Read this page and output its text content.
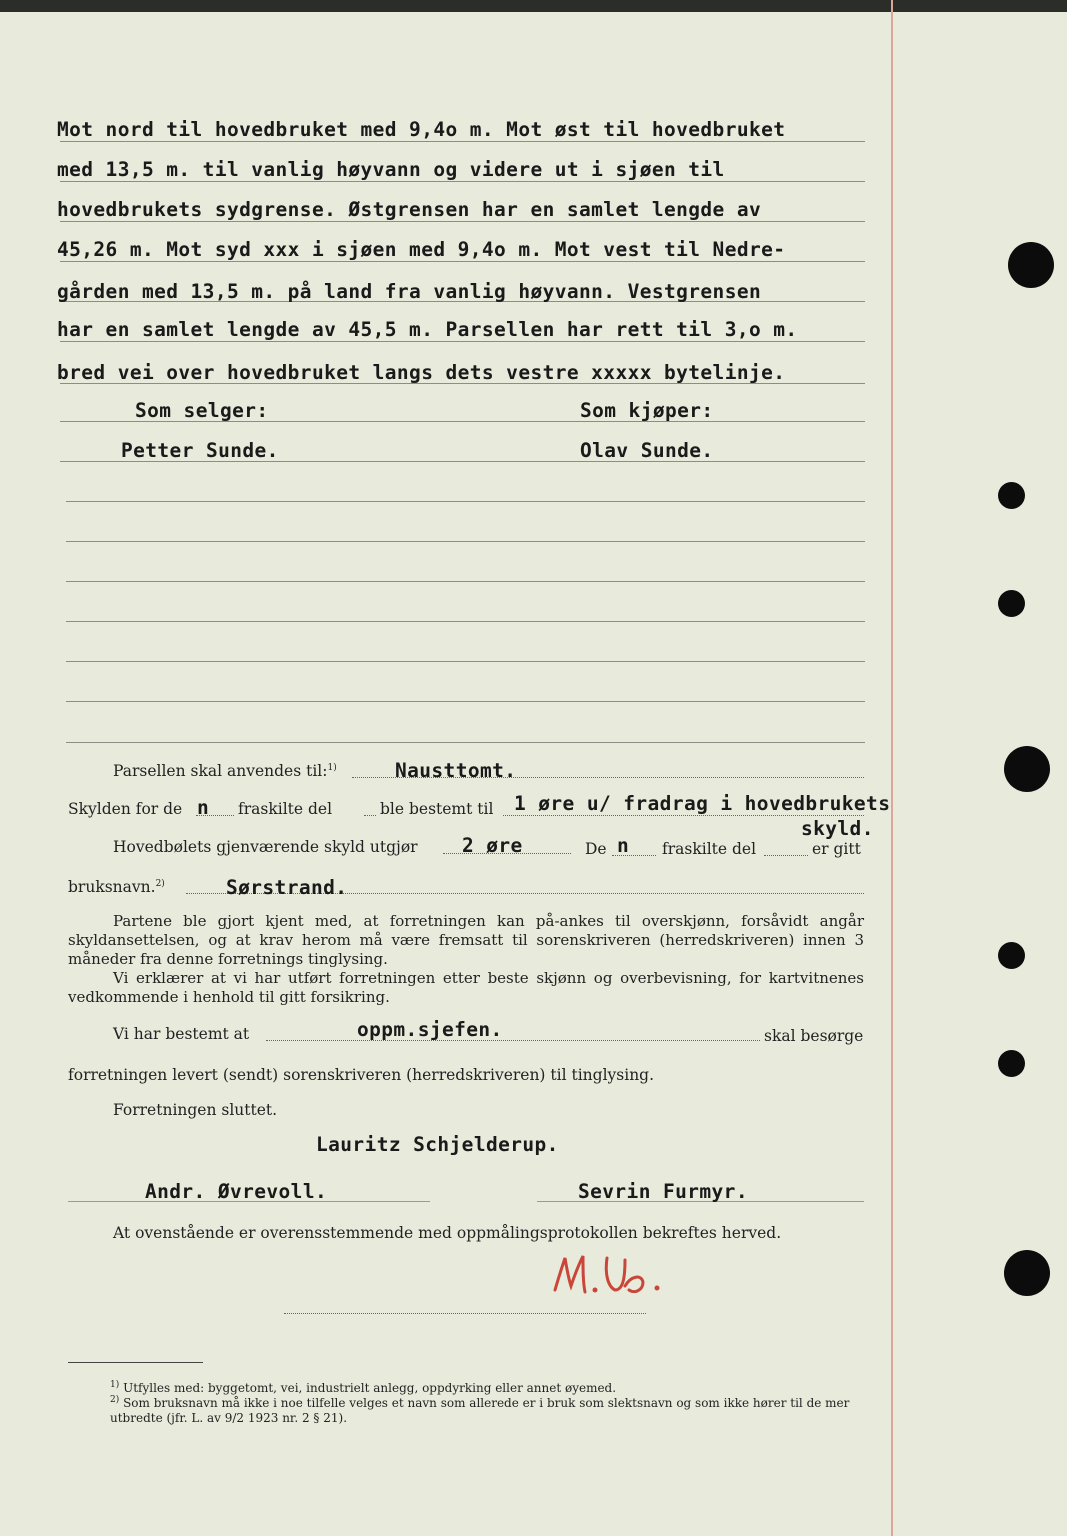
Mot nord til hovedbruket med 9,4o m. Mot øst til hovedbruket
med 13,5 m. til vanlig høyvann og videre ut i sjøen til
hovedbrukets sydgrense. Østgrensen har en samlet lengde av
45,26 m. Mot syd xxx i sjøen med 9,4o m. Mot vest til Nedre-
gården med 13,5 m. på land fra vanlig høyvann. Vestgrensen
har en samlet lengde av 45,5 m. Parsellen har rett til 3,o m.
bred vei over hovedbruket langs dets vestre xxxxx bytelinje.
Som selger:	Som kjøper:
Petter Sunde.	Olav Sunde.
Parsellen skal anvendes til:$^{1)}$	Nausttomt.
Skylden for de n fraskilte del	ble bestemt til 1 øre u/ fradrag i hovedbrukets
skyld.
Hovedbølets gjenværende skyld utgjør 2 øre	De n fraskilte del	er gitt
bruksnavn.$^{2)}$	Sørstrand.

Partene ble gjort kjent med, at forretningen kan på-ankes til overskjønn, forsåvidt angår skyldansettelsen, og at krav herom må være fremsatt til sorenskriveren (herredskriveren) innen 3 måneder fra denne forretnings tinglysing.

Vi erklærer at vi har utført forretningen etter beste skjønn og overbevisning, for kartvitnenes vedkommende i henhold til gitt forsikring.

Vi har bestemt at	oppm.sjefen.	skal besørge
forretningen levert (sendt) sorenskriveren (herredskriveren) til tinglysing.
Forretningen sluttet.
Lauritz Schjelderup.
Andr. Øvrevoll.	Sevrin Furmyr.
At ovenstående er overensstemmende med oppmålingsprotokollen bekreftes herved.
M.Ub.
$^{1)}$ Utfylles med: byggetomt, vei, industrielt anlegg, oppdyrking eller annet øyemed.
$^{2)}$ Som bruksnavn må ikke i noe tilfelle velges et navn som allerede er i bruk som slektsnavn og som ikke hører til de mer utbredte (jfr. L. av 9/2 1923 nr. 2 § 21).
